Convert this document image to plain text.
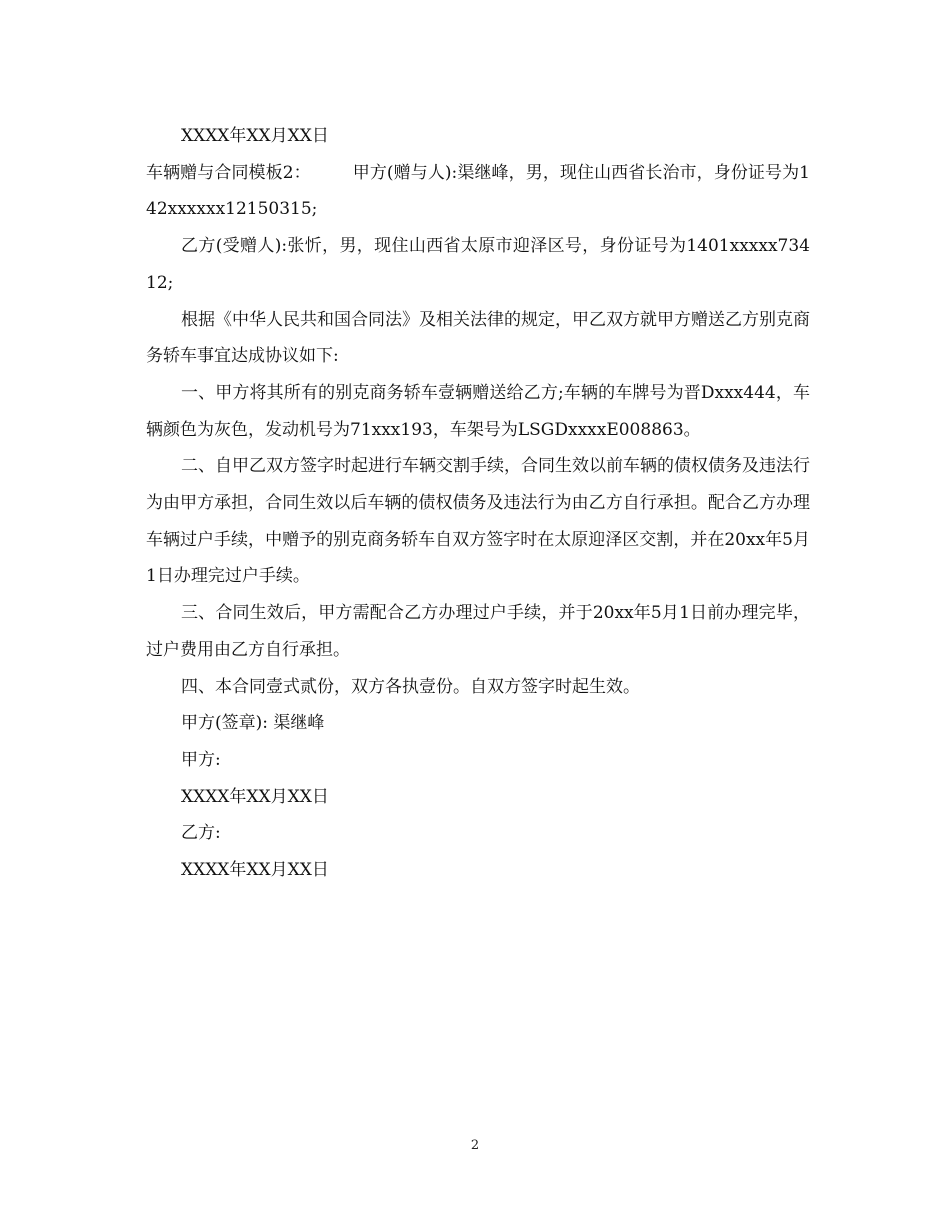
XXXX年XX月XX日

车辆赠与合同模板2： 甲方(赠与人):渠继峰，男，现住山西省长治市，身份证号为142xxxxxx12150315;

乙方(受赠人):张忻，男，现住山西省太原市迎泽区号，身份证号为1401xxxxx73412;

根据《中华人民共和国合同法》及相关法律的规定，甲乙双方就甲方赠送乙方别克商务轿车事宜达成协议如下:

一、甲方将其所有的别克商务轿车壹辆赠送给乙方;车辆的车牌号为晋Dxxx444，车辆颜色为灰色，发动机号为71xxx193，车架号为LSGDxxxxE008863。

二、自甲乙双方签字时起进行车辆交割手续，合同生效以前车辆的债权债务及违法行为由甲方承担，合同生效以后车辆的债权债务及违法行为由乙方自行承担。配合乙方办理车辆过户手续，中赠予的别克商务轿车自双方签字时在太原迎泽区交割，并在20xx年5月1日办理完过户手续。

三、合同生效后，甲方需配合乙方办理过户手续，并于20xx年5月1日前办理完毕，过户费用由乙方自行承担。

四、本合同壹式贰份，双方各执壹份。自双方签字时起生效。

甲方(签章): 渠继峰

甲方:

XXXX年XX月XX日

乙方:

XXXX年XX月XX日

2
